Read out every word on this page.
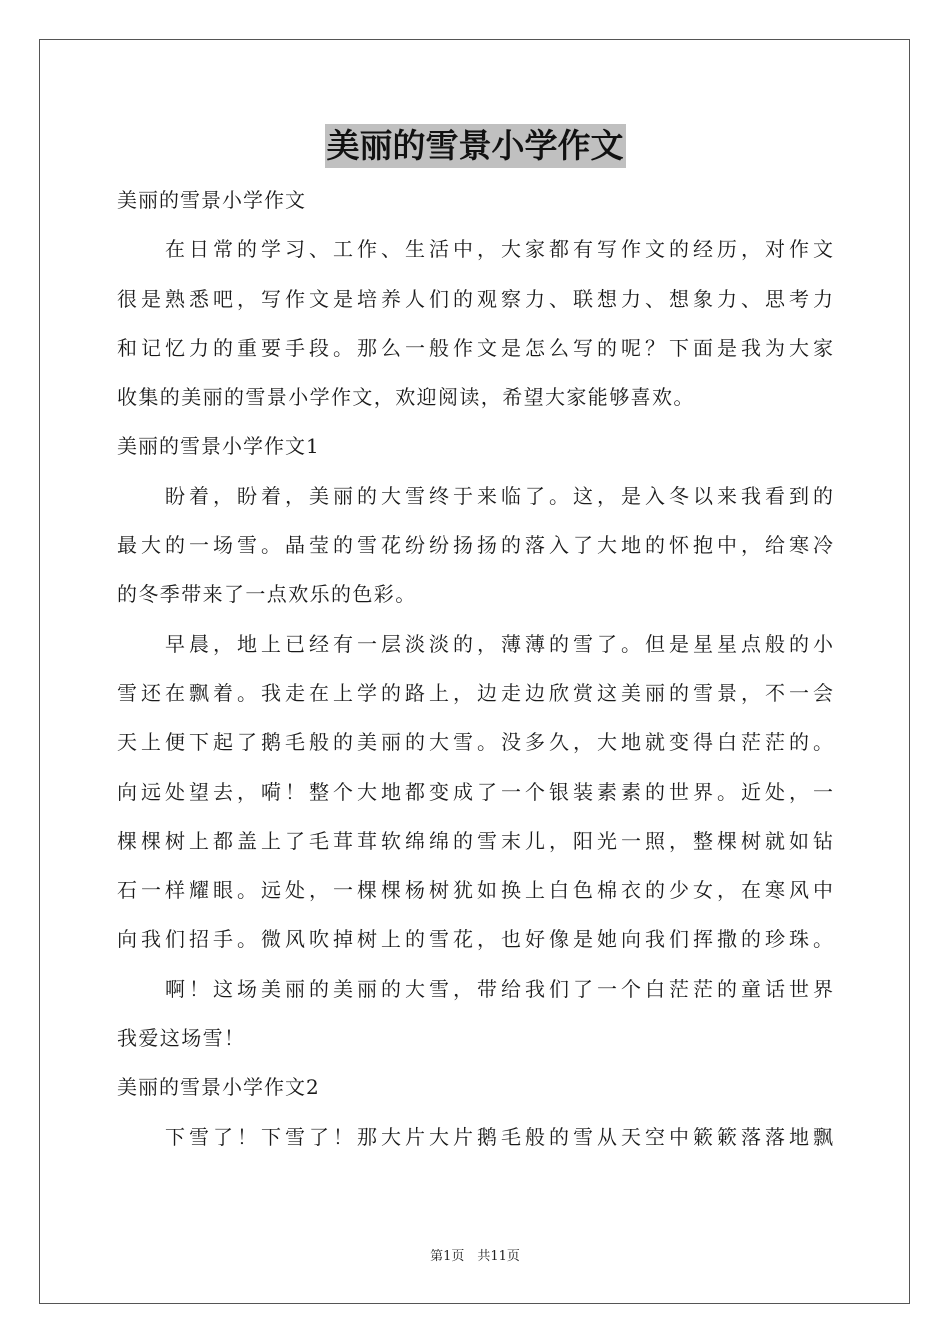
美丽的雪景小学作文
美丽的雪景小学作文
在日常的学习、工作、生活中，大家都有写作文的经历，对作文
很是熟悉吧，写作文是培养人们的观察力、联想力、想象力、思考力
和记忆力的重要手段。那么一般作文是怎么写的呢？下面是我为大家
收集的美丽的雪景小学作文，欢迎阅读，希望大家能够喜欢。
美丽的雪景小学作文1
盼着，盼着，美丽的大雪终于来临了。这，是入冬以来我看到的
最大的一场雪。晶莹的雪花纷纷扬扬的落入了大地的怀抱中，给寒冷
的冬季带来了一点欢乐的色彩。
早晨，地上已经有一层淡淡的，薄薄的雪了。但是星星点般的小
雪还在飘着。我走在上学的路上，边走边欣赏这美丽的雪景，不一会
天上便下起了鹅毛般的美丽的大雪。没多久，大地就变得白茫茫的。
向远处望去，嗬！整个大地都变成了一个银装素素的世界。近处，一
棵棵树上都盖上了毛茸茸软绵绵的雪末儿，阳光一照，整棵树就如钻
石一样耀眼。远处，一棵棵杨树犹如换上白色棉衣的少女，在寒风中
向我们招手。微风吹掉树上的雪花，也好像是她向我们挥撒的珍珠。
啊！这场美丽的美丽的大雪，带给我们了一个白茫茫的童话世界
我爱这场雪！
美丽的雪景小学作文2
下雪了！下雪了！那大片大片鹅毛般的雪从天空中簌簌落落地飘
第1页　共11页
